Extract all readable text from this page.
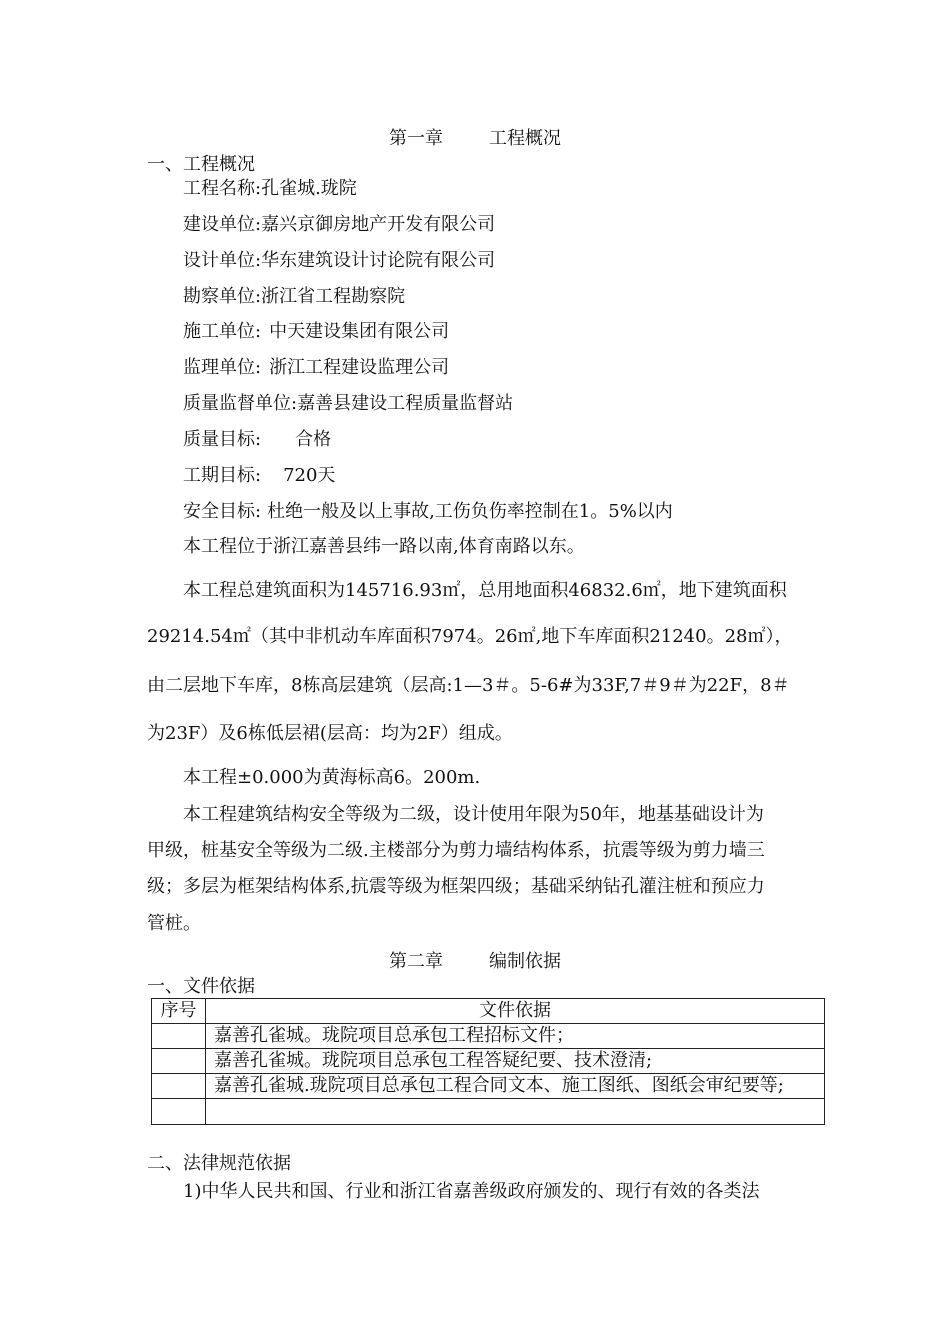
第一章	工程概况
一、工程概况
工程名称:孔雀城.珑院
建设单位:嘉兴京御房地产开发有限公司
设计单位:华东建筑设计讨论院有限公司
勘察单位:浙江省工程勘察院
施工单位: 中天建设集团有限公司
监理单位: 浙江工程建设监理公司
质量监督单位:嘉善县建设工程质量监督站
质量目标: 合格
工期目标: 720天
安全目标: 杜绝一般及以上事故,工伤负伤率控制在1。5%以内
本工程位于浙江嘉善县纬一路以南,体育南路以东。
本工程总建筑面积为145716.93㎡，总用地面积46832.6㎡，地下建筑面积
29214.54㎡（其中非机动车库面积7974。26㎡,地下车库面积21240。28㎡），
由二层地下车库，8栋高层建筑（层高:1—3＃。5-6#为33F,7＃9＃为22F，8＃
为23F）及6栋低层裙(层高：均为2F）组成。
本工程±0.000为黄海标高6。200m.
本工程建筑结构安全等级为二级，设计使用年限为50年，地基基础设计为
甲级，桩基安全等级为二级.主楼部分为剪力墙结构体系，抗震等级为剪力墙三
级；多层为框架结构体系,抗震等级为框架四级；基础采纳钻孔灌注桩和预应力
管桩。
第二章	编制依据
一、文件依据
序号	文件依据
	嘉善孔雀城。珑院项目总承包工程招标文件；
	嘉善孔雀城。珑院项目总承包工程答疑纪要、技术澄清;
	嘉善孔雀城.珑院项目总承包工程合同文本、施工图纸、图纸会审纪要等;

二、法律规范依据
1)中华人民共和国、行业和浙江省嘉善级政府颁发的、现行有效的各类法
